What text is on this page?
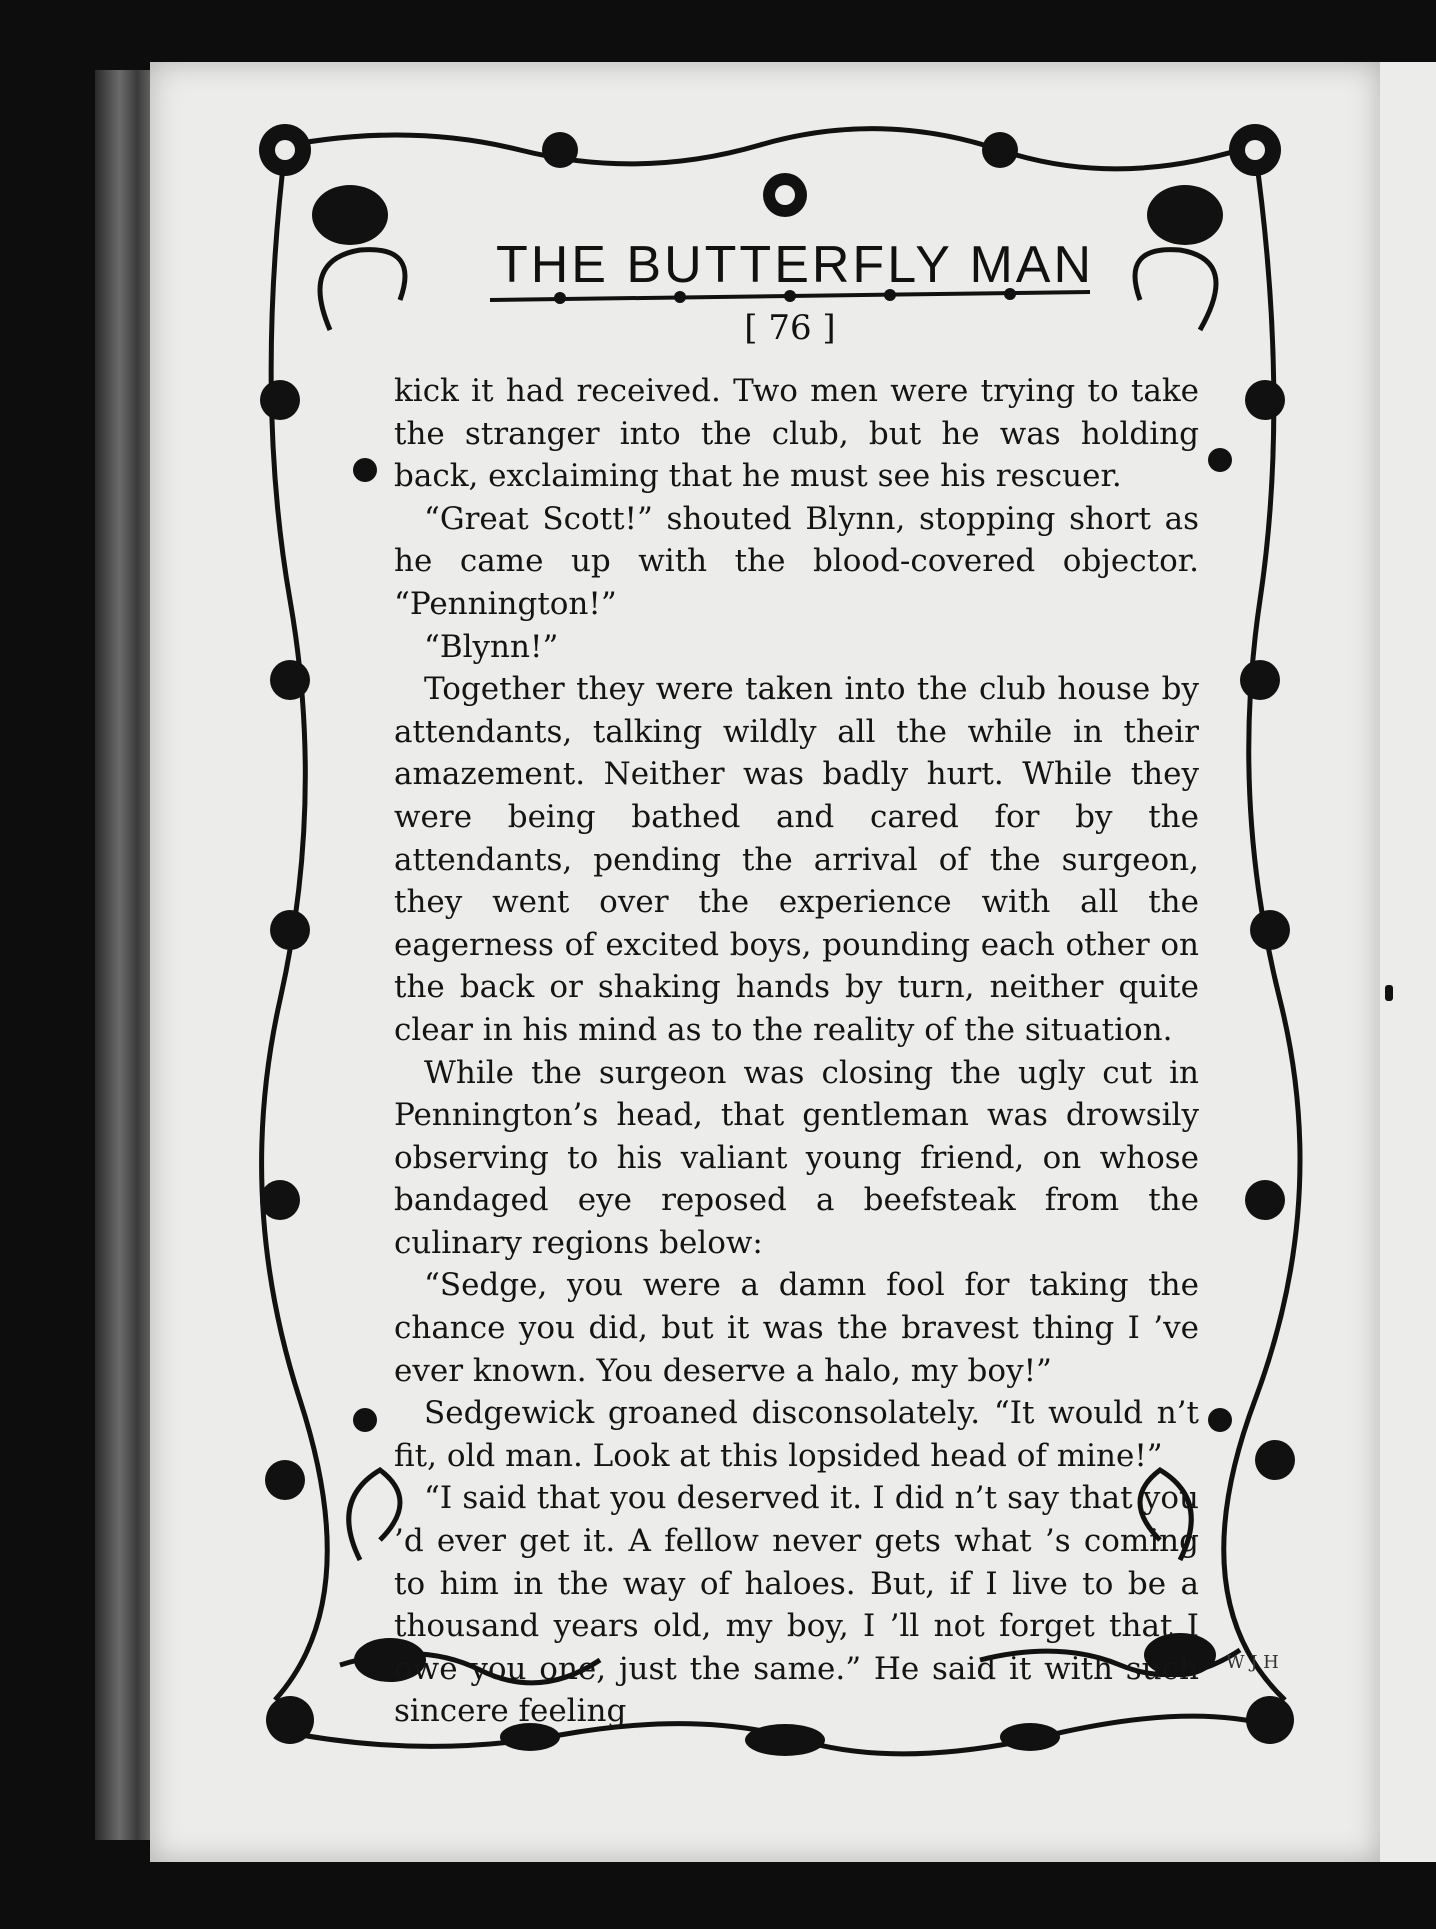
THE BUTTERFLY MAN
[ 76 ]

kick it had received. Two men were trying to take the stranger into the club, but he was holding back, exclaiming that he must see his rescuer.

“Great Scott!” shouted Blynn, stopping short as he came up with the blood-covered objector. “Pennington!”

“Blynn!”

Together they were taken into the club house by attendants, talking wildly all the while in their amazement. Neither was badly hurt. While they were being bathed and cared for by the attendants, pending the arrival of the surgeon, they went over the experience with all the eagerness of excited boys, pounding each other on the back or shaking hands by turn, neither quite clear in his mind as to the reality of the situation.

While the surgeon was closing the ugly cut in Pennington’s head, that gentleman was drowsily observing to his valiant young friend, on whose bandaged eye reposed a beefsteak from the culinary regions below:

“Sedge, you were a damn fool for taking the chance you did, but it was the bravest thing I ’ve ever known. You deserve a halo, my boy!”

Sedgewick groaned disconsolately. “It would n’t fit, old man. Look at this lopsided head of mine!”

“I said that you deserved it. I did n’t say that you ’d ever get it. A fellow never gets what ’s coming to him in the way of haloes. But, if I live to be a thousand years old, my boy, I ’ll not forget that I owe you one, just the same.” He said it with such sincere feeling

W J H
